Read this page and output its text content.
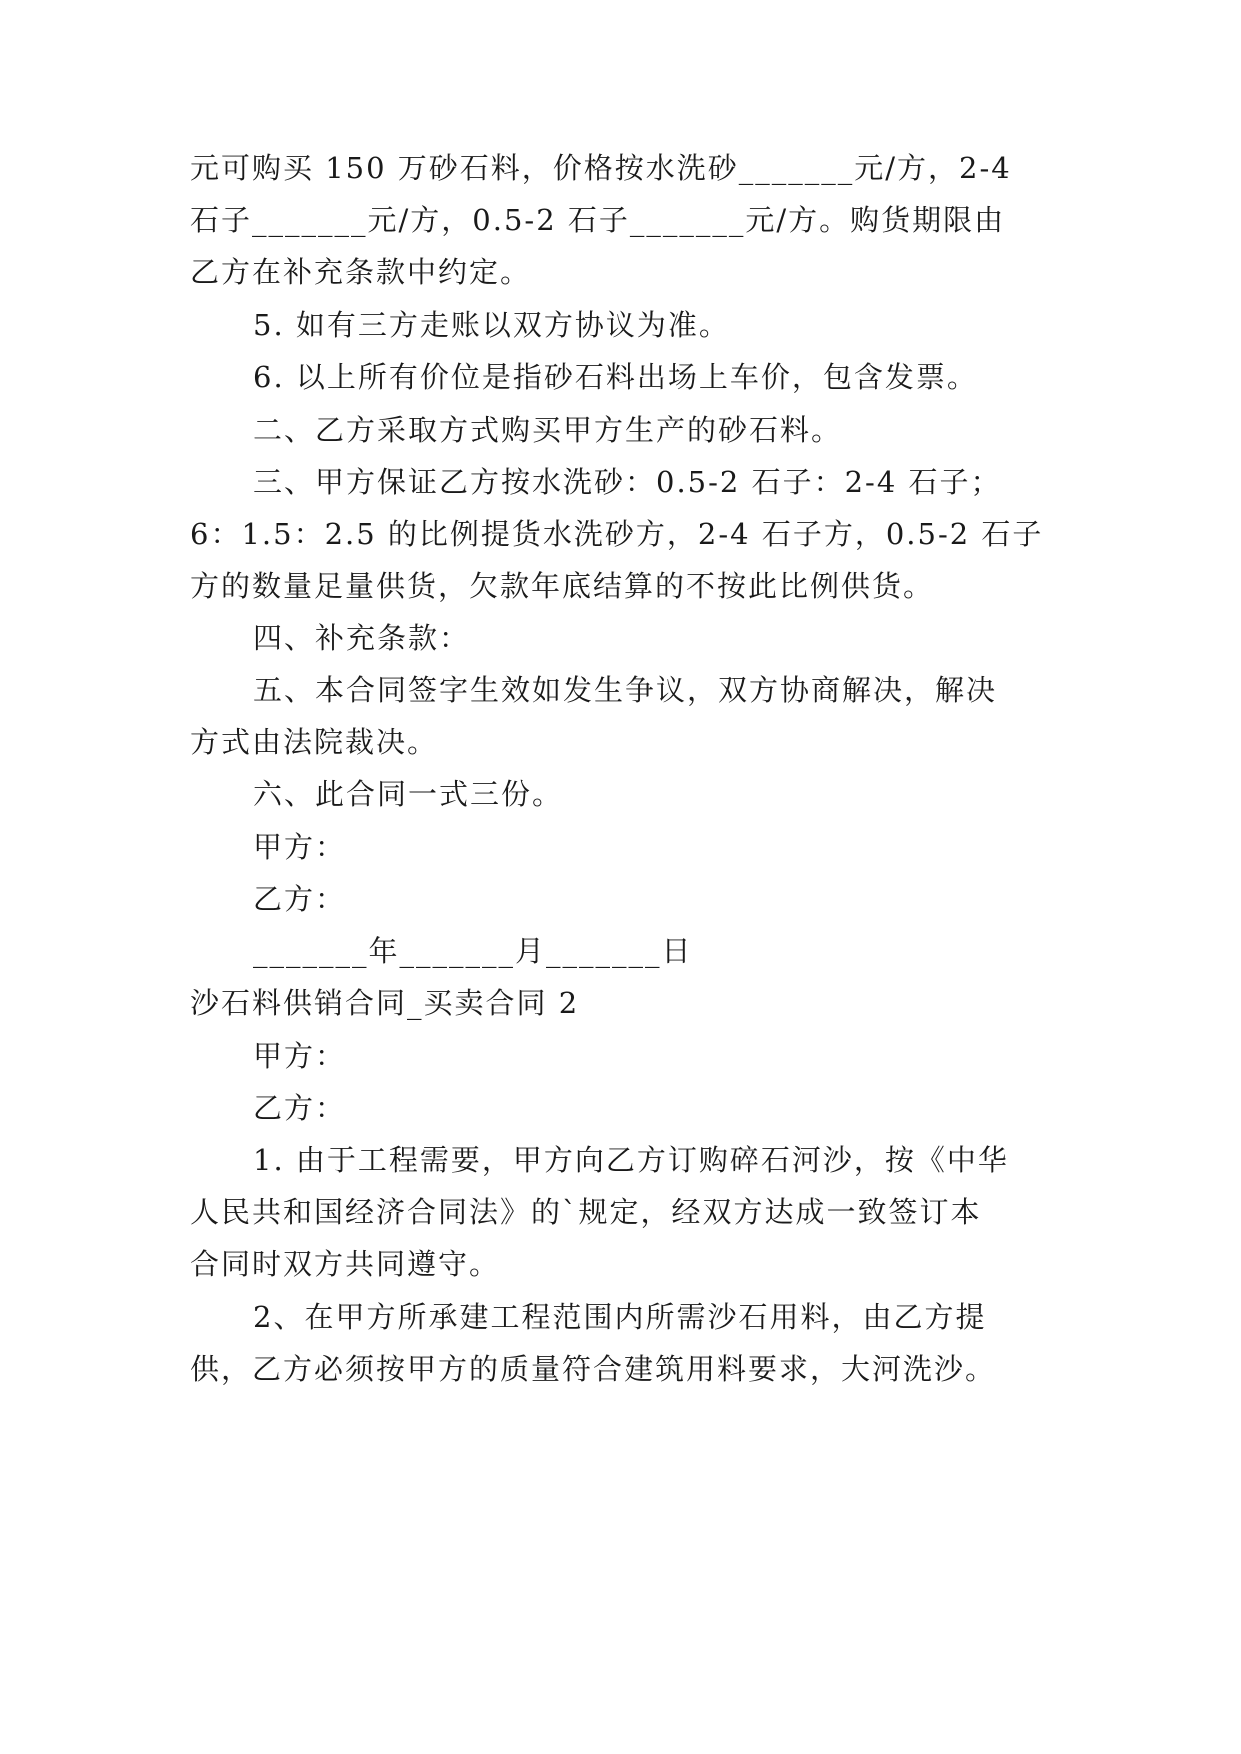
元可购买 150 万砂石料，价格按水洗砂_______元/方，2-4
石子_______元/方，0.5-2 石子_______元/方。购货期限由
乙方在补充条款中约定。
5. 如有三方走账以双方协议为准。
6. 以上所有价位是指砂石料出场上车价，包含发票。
二、乙方采取方式购买甲方生产的砂石料。
三、甲方保证乙方按水洗砂：0.5-2 石子：2-4 石子；
6：1.5：2.5 的比例提货水洗砂方，2-4 石子方，0.5-2 石子
方的数量足量供货，欠款年底结算的不按此比例供货。
四、补充条款：
五、本合同签字生效如发生争议，双方协商解决，解决
方式由法院裁决。
六、此合同一式三份。
甲方：
乙方：
_______年_______月_______日
沙石料供销合同_买卖合同 2
甲方：
乙方：
1. 由于工程需要，甲方向乙方订购碎石河沙，按《中华
人民共和国经济合同法》的`规定，经双方达成一致签订本
合同时双方共同遵守。
2、在甲方所承建工程范围内所需沙石用料，由乙方提
供，乙方必须按甲方的质量符合建筑用料要求，大河洗沙。
